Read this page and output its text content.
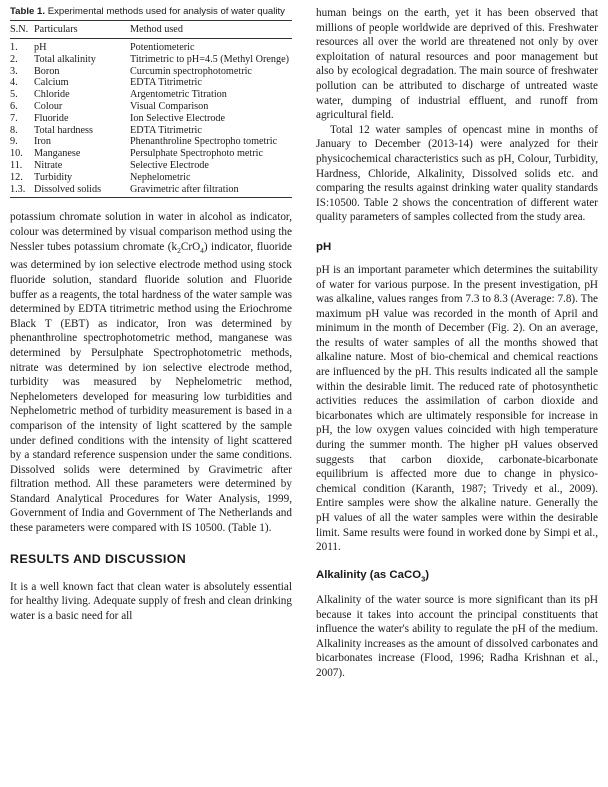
Table 1. Experimental methods used for analysis of water quality
S.N.	Particulars	Method used
1.	pH	Potentiometeric
2.	Total alkalinity	Titrimetric to pH=4.5 (Methyl Orenge)
3.	Boron	Curcumin spectrophotometric
4.	Calcium	EDTA Titrimetric
5.	Chloride	Argentometric Titration
6.	Colour	Visual Comparison
7.	Fluoride	Ion Selective Electrode
8.	Total hardness	EDTA Titrimetric
9.	Iron	Phenanthroline Spectropho tometric
10.	Manganese	Persulphate Spectrophoto metric
11.	Nitrate	Selective Electrode
12.	Turbidity	Nephelometric
1.3.	Dissolved solids	Gravimetric after filtration

potassium chromate solution in water in alcohol as indicator, colour was determined by visual comparison method using the Nessler tubes potassium chromate $(k_2CrO_4)$ indicator, fluoride was determined by ion selective electrode method using stock fluoride solution, standard fluoride solution and Fluoride buffer as a reagents, the total hardness of the water sample was determined by EDTA titrimetric method using the Eriochrome Black T (EBT) as indicator, Iron was determined by phenanthroline spectrophotometric method, manganese was determined by Persulphate Spectrophotometric methods, nitrate was determined by ion selective electrode method, turbidity was measured by Nephelometric method, Nephelometers developed for measuring low turbidities and Nephelometric method of turbidity measurement is based in a comparison of the intensity of light scattered by the sample under defined conditions with the intensity of light scattered by a standard reference suspension under the same conditions. Dissolved solids were determined by Gravimetric after filtration method. All these parameters were determined by Standard Analytical Procedures for Water Analysis, 1999, Government of India and Government of The Netherlands and these parameters were compared with IS 10500. (Table 1).

RESULTS AND DISCUSSION

It is a well known fact that clean water is absolutely essential for healthy living. Adequate supply of fresh and clean drinking water is a basic need for all

human beings on the earth, yet it has been observed that millions of people worldwide are deprived of this. Freshwater resources all over the world are threatened not only by over exploitation of natural resources and poor management but also by ecological degradation. The main source of freshwater pollution can be attributed to discharge of untreated waste water, dumping of industrial effluent, and runoff from agricultural field.

Total 12 water samples of opencast mine in months of January to December (2013-14) were analyzed for their physicochemical characteristics such as pH, Colour, Turbidity, Hardness, Chloride, Alkalinity, Dissolved solids etc. and comparing the results against drinking water quality standards IS:10500. Table 2 shows the concentration of different water quality parameters of samples collected from the study area.

pH

pH is an important parameter which determines the suitability of water for various purpose. In the present investigation, pH was alkaline, values ranges from 7.3 to 8.3 (Average: 7.8). The maximum pH value was recorded in the month of April and minimum in the month of December (Fig. 2). On an average, the results of water samples of all the months showed that alkaline nature. Most of bio-chemical and chemical reactions are influenced by the pH. This results indicated all the sample within the desirable limit. The reduced rate of photosynthetic activities reduces the assimilation of carbon dioxide and bicarbonates which are ultimately responsible for increase in pH, the low oxygen values coincided with high temperature during the summer month. The higher pH values observed suggests that carbon dioxide, carbonate-bicarbonate equilibrium is affected more due to change in physico-chemical condition (Karanth, 1987; Trivedy et al., 2009). Entire samples were show the alkaline nature. Generally the pH values of all the water samples were within the desirable limit. Same results were found in worked done by Simpi et al., 2011.

Alkalinity (as CaCO$_3$)

Alkalinity of the water source is more significant than its pH because it takes into account the principal constituents that influence the water's ability to regulate the pH of the medium. Alkalinity increases as the amount of dissolved carbonates and bicarbonates increase (Flood, 1996; Radha Krishnan et al., 2007).
